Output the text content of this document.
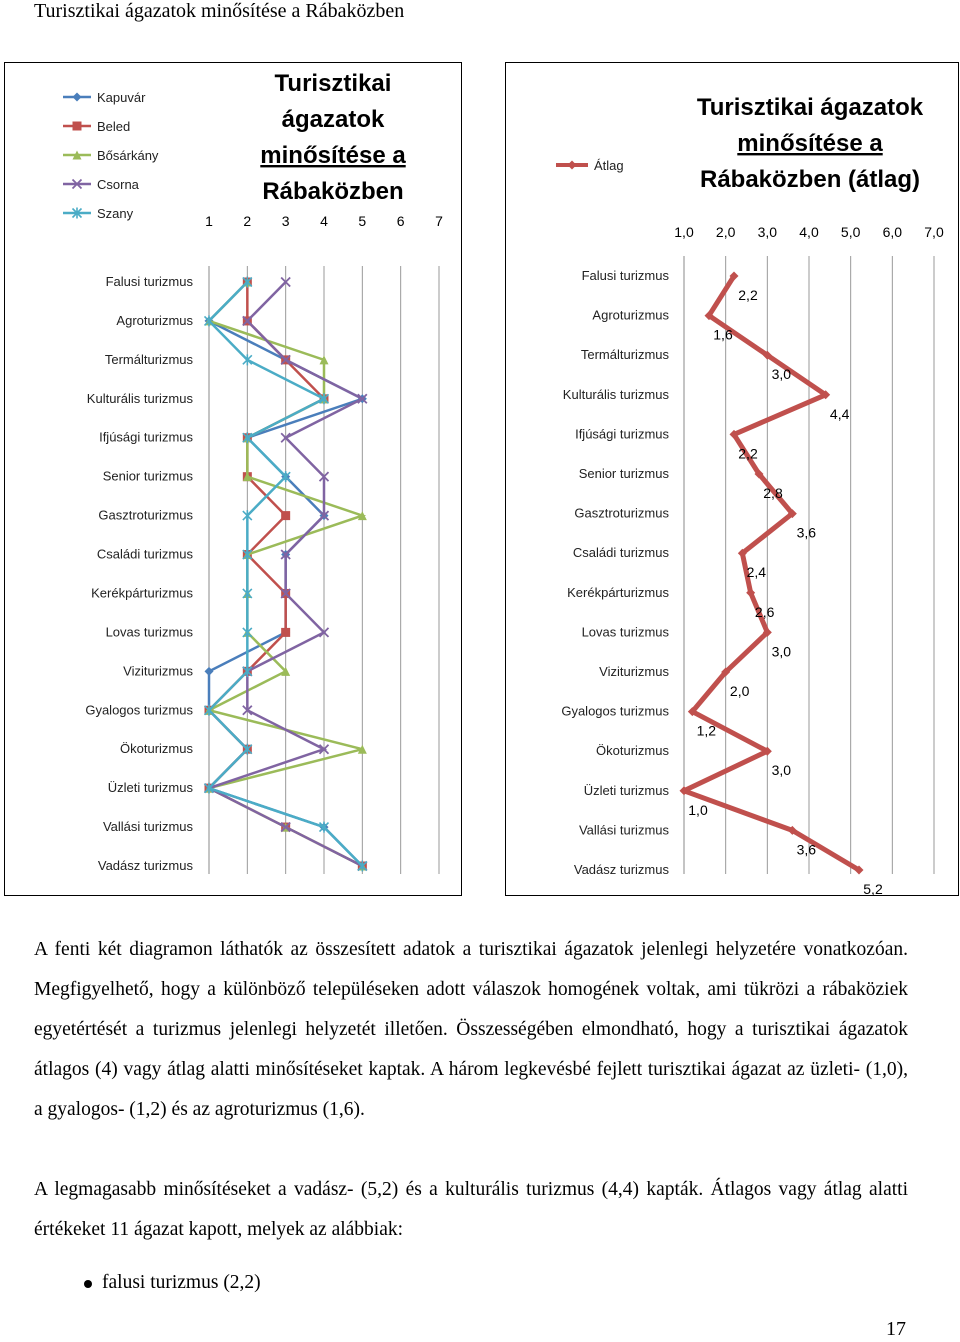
Turisztikai ágazatok minősítése a Rábaközben
Turisztikai
ágazatok
minősítése a
Rábaközben
Kapuvár
Beled
Bősárkány
Csorna
Szany	1 2 3 4 5 6 7
Falusi turizmus
Agroturizmus
Termálturizmus
Kulturális turizmus
Ifjúsági turizmus
Senior turizmus
Gasztroturizmus
Családi turizmus
Kerékpárturizmus
Lovas turizmus
Viziturizmus
Gyalogos turizmus
Ökoturizmus
Üzleti turizmus
Vallási turizmus
Vadász turizmus
Turisztikai ágazatok
minősítése a
Rábaközben (átlag)
Átlag
1,0 2,0 3,0 4,0 5,0 6,0 7,0
Falusi turizmus
Agroturizmus
Termálturizmus
Kulturális turizmus
Ifjúsági turizmus
Senior turizmus
Gasztroturizmus
Családi turizmus
Kerékpárturizmus
Lovas turizmus
Viziturizmus
Gyalogos turizmus
Ökoturizmus
Üzleti turizmus
Vallási turizmus
Vadász turizmus
2,2
1,6
3,0
4,4
2,2
2,8
3,6
2,4
2,6
3,0
2,0
1,2
3,0
1,0
3,6
5,2

A fenti két diagramon láthatók az összesített adatok a turisztikai ágazatok jelenlegi helyzetére vonatkozóan. Megfigyelhető, hogy a különböző településeken adott válaszok homogének voltak, ami tükrözi a rábaköziek egyetértését a turizmus jelenlegi helyzetét illetően. Összességében elmondható, hogy a turisztikai ágazatok átlagos (4) vagy átlag alatti minősítéseket kaptak. A három legkevésbé fejlett turisztikai ágazat az üzleti- (1,0), a gyalogos- (1,2) és az agroturizmus (1,6).

A legmagasabb minősítéseket a vadász- (5,2) és a kulturális turizmus (4,4) kapták. Átlagos vagy átlag alatti értékeket 11 ágazat kapott, melyek az alábbiak:

falusi turizmus (2,2)
17
